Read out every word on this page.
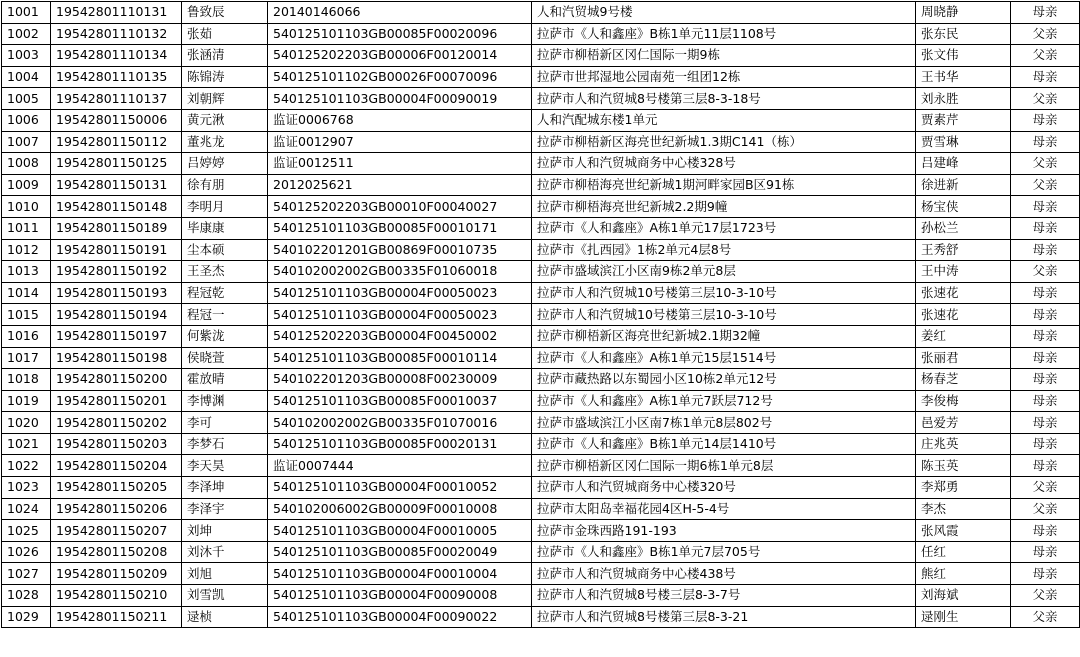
1001	19542801110131	鲁致辰	20140146066	人和汽贸城9号楼	周晓静	母亲
1002	19542801110132	张茹	540125101103GB00085F00020096	拉萨市《人和鑫座》B栋1单元11层1108号	张东民	父亲
1003	19542801110134	张涵清	540125202203GB00006F00120014	拉萨市柳梧新区冈仁国际一期9栋	张文伟	父亲
1004	19542801110135	陈锦涛	540125101102GB00026F00070096	拉萨市世邦湿地公园南苑一组团12栋	王书华	母亲
1005	19542801110137	刘朝辉	540125101103GB00004F00090019	拉萨市人和汽贸城8号楼第三层8-3-18号	刘永胜	父亲
1006	19542801150006	黄元湫	监证0006768	人和汽配城东楼1单元	贾素芹	母亲
1007	19542801150112	董兆龙	监证0012907	拉萨市柳梧新区海亮世纪新城1.3期C141（栋）	贾雪琳	母亲
1008	19542801150125	吕婷婷	监证0012511	拉萨市人和汽贸城商务中心楼328号	吕建峰	父亲
1009	19542801150131	徐有朋	2012025621	拉萨市柳梧海亮世纪新城1期河畔家园B区91栋	徐进新	父亲
1010	19542801150148	李明月	540125202203GB00010F00040027	拉萨市柳梧海亮世纪新城2.2期9幢	杨宝侠	母亲
1011	19542801150189	毕康康	540125101103GB00085F00010171	拉萨市《人和鑫座》A栋1单元17层1723号	孙松兰	母亲
1012	19542801150191	尘本硕	540102201201GB00869F00010735	拉萨市《扎西园》1栋2单元4层8号	王秀舒	母亲
1013	19542801150192	王圣杰	540102002002GB00335F01060018	拉萨市盛域滨江小区南9栋2单元8层	王中涛	父亲
1014	19542801150193	程冠乾	540125101103GB00004F00050023	拉萨市人和汽贸城10号楼第三层10-3-10号	张速花	母亲
1015	19542801150194	程冠一	540125101103GB00004F00050023	拉萨市人和汽贸城10号楼第三层10-3-10号	张速花	母亲
1016	19542801150197	何紫泷	540125202203GB00004F00450002	拉萨市柳梧新区海亮世纪新城2.1期32幢	姜红	母亲
1017	19542801150198	侯晓萱	540125101103GB00085F00010114	拉萨市《人和鑫座》A栋1单元15层1514号	张丽君	母亲
1018	19542801150200	霍放晴	540102201203GB00008F00230009	拉萨市藏热路以东蜀园小区10栋2单元12号	杨春芝	母亲
1019	19542801150201	李博渊	540125101103GB00085F00010037	拉萨市《人和鑫座》A栋1单元7跃层712号	李俊梅	母亲
1020	19542801150202	李可	540102002002GB00335F01070016	拉萨市盛域滨江小区南7栋1单元8层802号	邑爱芳	母亲
1021	19542801150203	李梦石	540125101103GB00085F00020131	拉萨市《人和鑫座》B栋1单元14层1410号	庄兆英	母亲
1022	19542801150204	李天昊	监证0007444	拉萨市柳梧新区冈仁国际一期6栋1单元8层	陈玉英	母亲
1023	19542801150205	李泽坤	540125101103GB00004F00010052	拉萨市人和汽贸城商务中心楼320号	李郑勇	父亲
1024	19542801150206	李泽宇	540102006002GB00009F00010008	拉萨市太阳岛幸福花园4区H-5-4号	李杰	父亲
1025	19542801150207	刘坤	540125101103GB00004F00010005	拉萨市金珠西路191-193	张风霞	母亲
1026	19542801150208	刘沐千	540125101103GB00085F00020049	拉萨市《人和鑫座》B栋1单元7层705号	任红	母亲
1027	19542801150209	刘旭	540125101103GB00004F00010004	拉萨市人和汽贸城商务中心楼438号	熊红	母亲
1028	19542801150210	刘雪凯	540125101103GB00004F00090008	拉萨市人和汽贸城8号楼三层8-3-7号	刘海斌	父亲
1029	19542801150211	逯桢	540125101103GB00004F00090022	拉萨市人和汽贸城8号楼第三层8-3-21	逯刚生	父亲
